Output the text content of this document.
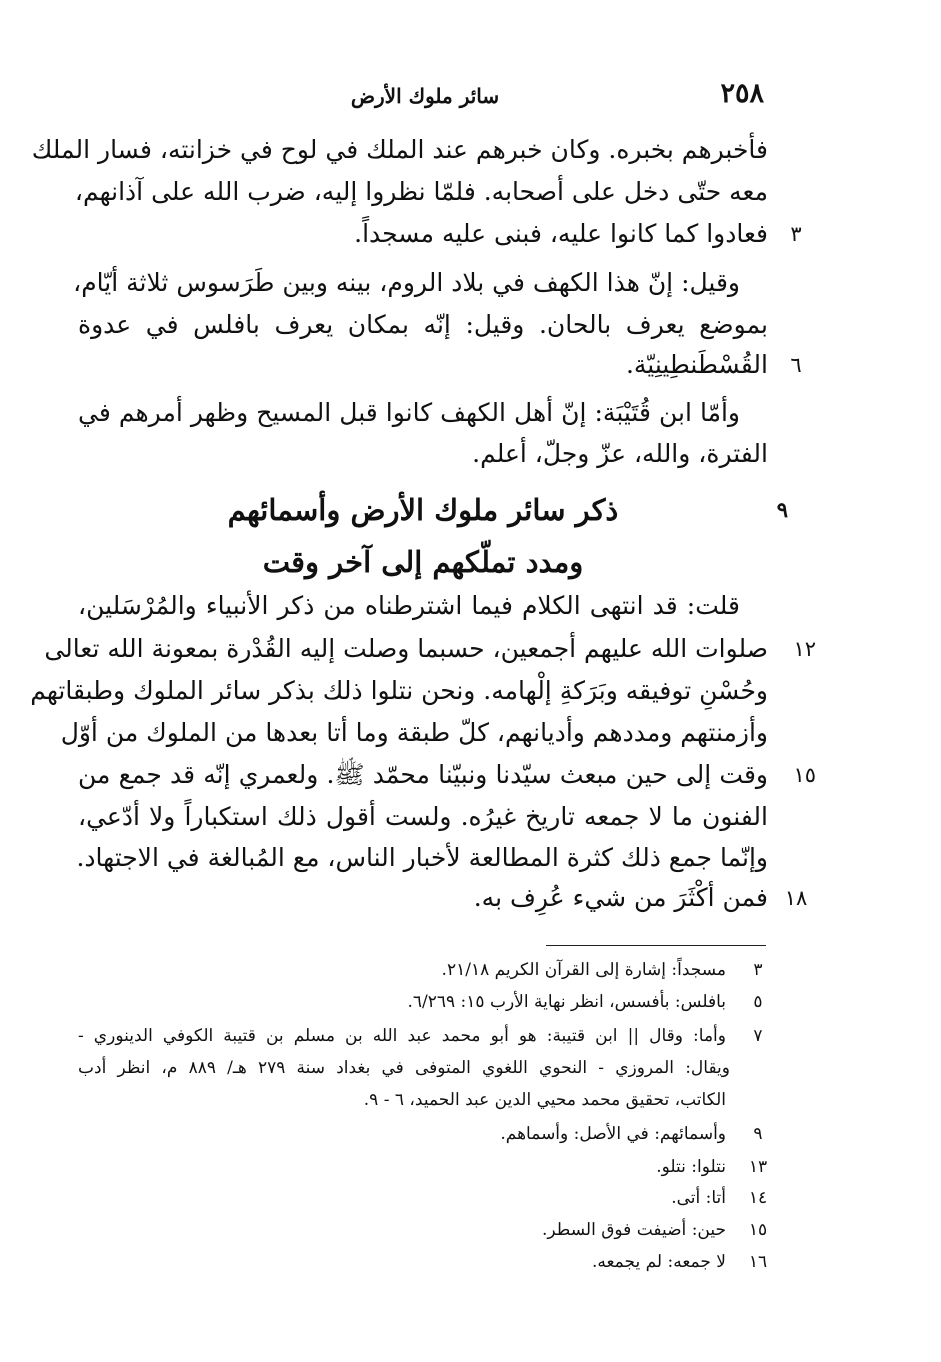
٢٥٨
سائر ملوك الأرض
فأخبرهم بخبره. وكان خبرهم عند الملك في لوح في خزانته، فسار الملك
معه حتّى دخل على أصحابه. فلمّا نظروا إليه، ضرب الله على آذانهم،
فعادوا كما كانوا عليه، فبنى عليه مسجداً.	٣
وقيل: إنّ هذا الكهف في بلاد الروم، بينه وبين طَرَسوس ثلاثة أيّام،
بموضع يعرف بالحان. وقيل: إنّه بمكان يعرف بافلس في عدوة
القُسْطَنطِينِيّة.	٦
وأمّا ابن قُتَيْبَة: إنّ أهل الكهف كانوا قبل المسيح وظهر أمرهم في
الفترة، والله، عزّ وجلّ، أعلم.
ذكر سائر ملوك الأرض وأسمائهم	٩
ومدد تملّكهم إلى آخر وقت
قلت: قد انتهى الكلام فيما اشترطناه من ذكر الأنبياء والمُرْسَلين،
صلوات الله عليهم أجمعين، حسبما وصلت إليه القُدْرة بمعونة الله تعالى	١٢
وحُسْنِ توفيقه وبَرَكةِ إلْهامه. ونحن نتلوا ذلك بذكر سائر الملوك وطبقاتهم
وأزمنتهم ومددهم وأديانهم، كلّ طبقة وما أتا بعدها من الملوك من أوّل
وقت إلى حين مبعث سيّدنا ونبيّنا محمّد ﷺ. ولعمري إنّه قد جمع من	١٥
الفنون ما لا جمعه تاريخ غيرُه. ولست أقول ذلك استكباراً ولا أدّعي،
وإنّما جمع ذلك كثرة المطالعة لأخبار الناس، مع المُبالغة في الاجتهاد.
فمن أكْثَرَ من شيء عُرِف به. ١٨
٣
مسجداً: إشارة إلى القرآن الكريم ٢١/١٨.
٥
بافلس: بأفسس، انظر نهاية الأرب ١٥: ٦/٢٦٩.
٧
وأما: وقال || ابن قتيبة: هو أبو محمد عبد الله بن مسلم بن قتيبة الكوفي الدينوري -
ويقال: المروزي - النحوي اللغوي المتوفى في بغداد سنة ٢٧٩ هـ/ ٨٨٩ م، انظر أدب
الكاتب، تحقيق محمد محيي الدين عبد الحميد، ٦ - ٩.
٩
وأسمائهم: في الأصل: وأسماهم.
١٣
نتلوا: نتلو.
١٤
أتا: أتى.
١٥
حين: أضيفت فوق السطر.
١٦
لا جمعه: لم يجمعه.
